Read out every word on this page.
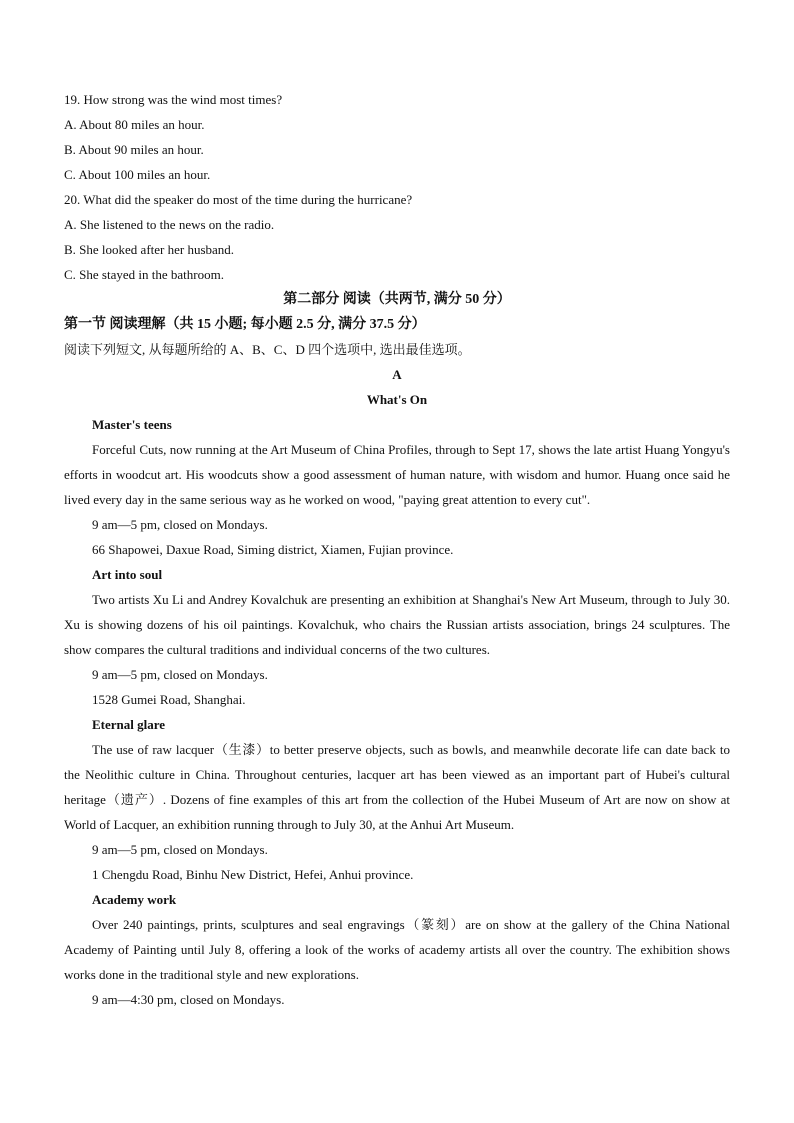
19. How strong was the wind most times?

A. About 80 miles an hour.

B. About 90 miles an hour.

C. About 100 miles an hour.

20. What did the speaker do most of the time during the hurricane?

A. She listened to the news on the radio.

B. She looked after her husband.

C. She stayed in the bathroom.

第二部分 阅读（共两节, 满分 50 分）

第一节 阅读理解（共 15 小题; 每小题 2.5 分, 满分 37.5 分）

阅读下列短文, 从每题所给的 A、B、C、D 四个选项中, 选出最佳选项。

A

What's On

Master's teens

Forceful Cuts, now running at the Art Museum of China Profiles, through to Sept 17, shows the late artist Huang Yongyu's efforts in woodcut art. His woodcuts show a good assessment of human nature, with wisdom and humor. Huang once said he lived every day in the same serious way as he worked on wood, "paying great attention to every cut".

9 am—5 pm, closed on Mondays.

66 Shapowei, Daxue Road, Siming district, Xiamen, Fujian province.

Art into soul

Two artists Xu Li and Andrey Kovalchuk are presenting an exhibition at Shanghai's New Art Museum, through to July 30. Xu is showing dozens of his oil paintings. Kovalchuk, who chairs the Russian artists association, brings 24 sculptures. The show compares the cultural traditions and individual concerns of the two cultures.

9 am—5 pm, closed on Mondays.

1528 Gumei Road, Shanghai.

Eternal glare

The use of raw lacquer（生漆）to better preserve objects, such as bowls, and meanwhile decorate life can date back to the Neolithic culture in China. Throughout centuries, lacquer art has been viewed as an important part of Hubei's cultural heritage（遗产）. Dozens of fine examples of this art from the collection of the Hubei Museum of Art are now on show at World of Lacquer, an exhibition running through to July 30, at the Anhui Art Museum.

9 am—5 pm, closed on Mondays.

1 Chengdu Road, Binhu New District, Hefei, Anhui province.

Academy work

Over 240 paintings, prints, sculptures and seal engravings（篆刻）are on show at the gallery of the China National Academy of Painting until July 8, offering a look of the works of academy artists all over the country. The exhibition shows works done in the traditional style and new explorations.

9 am—4:30 pm, closed on Mondays.
